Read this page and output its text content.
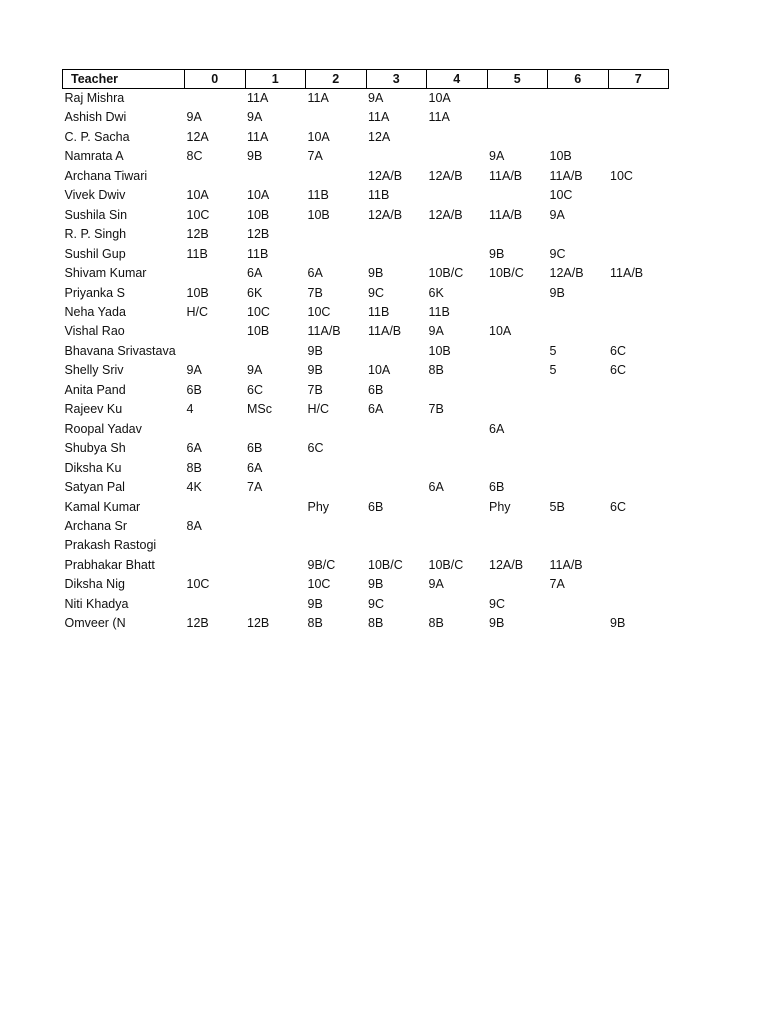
Teacher	0	1	2	3	4	5	6	7
Raj Mishra		11A	11A	9A	10A			
Ashish Dwi	9A	9A		11A	11A			
C. P. Sacha	12A	11A	10A	12A				
Namrata A	8C	9B	7A			9A	10B	
Archana Tiwari				12A/B	12A/B	11A/B	11A/B	10C
Vivek Dwiv	10A	10A	11B	11B			10C	
Sushila Sin	10C	10B	10B	12A/B	12A/B	11A/B	9A	
R. P. Singh	12B	12B						
Sushil Gup	11B	11B				9B	9C	
Shivam Kumar		6A	6A	9B	10B/C	10B/C	12A/B	11A/B
Priyanka S	10B	6K	7B	9C	6K		9B	
Neha Yada	H/C	10C	10C	11B	11B			
Vishal Rao		10B	11A/B	11A/B	9A	10A		
Bhavana Srivastava			9B		10B		5	6C
Shelly Sriv	9A	9A	9B	10A	8B		5	6C
Anita Pand	6B	6C	7B	6B				
Rajeev Ku	4	MSc	H/C	6A	7B			
Roopal Yadav						6A		
Shubya Sh	6A	6B	6C					
Diksha Ku	8B	6A						
Satyan Pal	4K	7A			6A	6B		
Kamal Kumar			Phy	6B		Phy	5B	6C
Archana Sr	8A							
Prakash Rastogi								
Prabhakar Bhatt			9B/C	10B/C	10B/C	12A/B	11A/B	
Diksha Nig	10C		10C	9B	9A		7A	
Niti Khadya			9B	9C		9C		
Omveer (N	12B	12B	8B	8B	8B	9B		9B
